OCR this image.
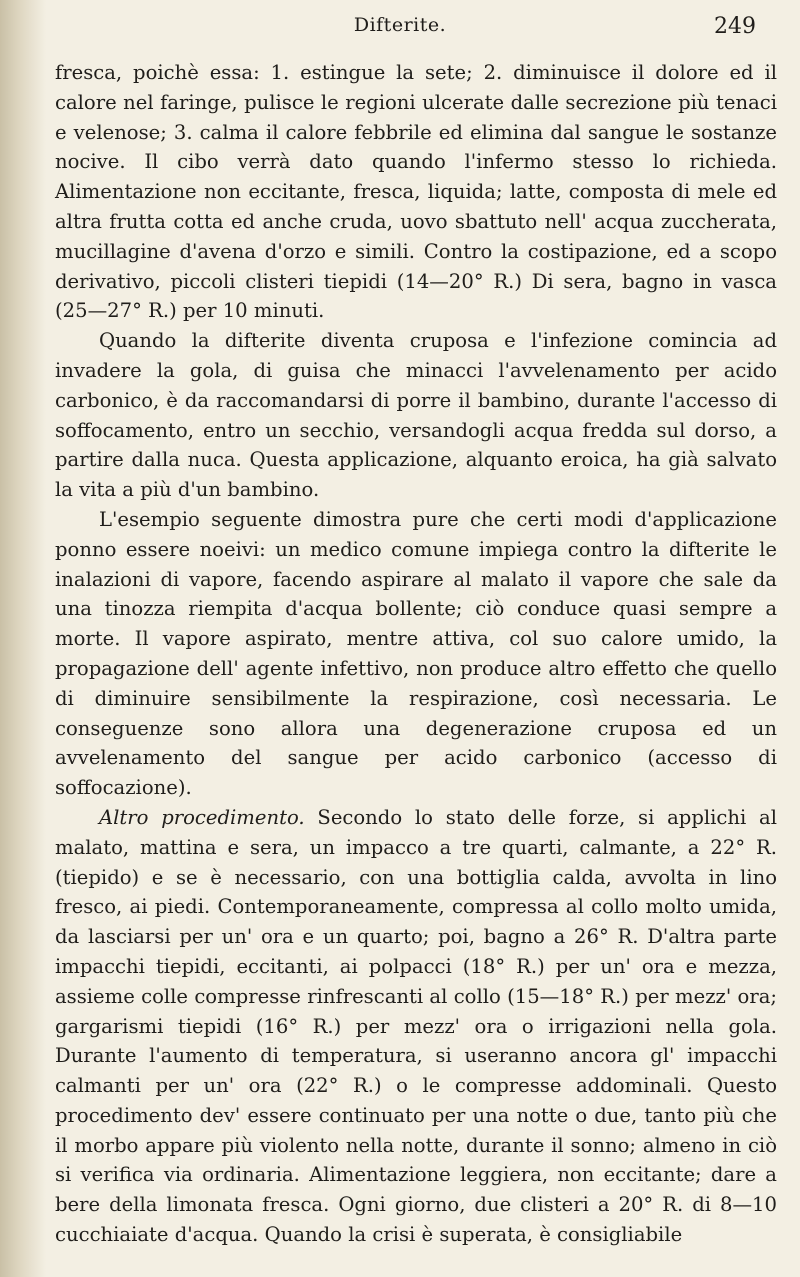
Difterite.	249

fresca, poichè essa: 1. estingue la sete; 2. diminuisce il dolore ed il calore nel faringe, pulisce le regioni ulcerate dalle secrezione più tenaci e velenose; 3. calma il calore febbrile ed elimina dal sangue le sostanze nocive. Il cibo verrà dato quando l'infermo stesso lo richieda. Alimentazione non eccitante, fresca, liquida; latte, composta di mele ed altra frutta cotta ed anche cruda, uovo sbattuto nell' acqua zuccherata, mucillagine d'avena d'orzo e simili. Contro la costipazione, ed a scopo derivativo, piccoli clisteri tiepidi (14—20° R.) Di sera, bagno in vasca (25—27° R.) per 10 minuti.

Quando la difterite diventa cruposa e l'infezione comincia ad invadere la gola, di guisa che minacci l'avvelenamento per acido carbonico, è da raccomandarsi di porre il bambino, durante l'accesso di soffocamento, entro un secchio, versandogli acqua fredda sul dorso, a partire dalla nuca. Questa applicazione, alquanto eroica, ha già salvato la vita a più d'un bambino.

L'esempio seguente dimostra pure che certi modi d'applicazione ponno essere noeivi: un medico comune impiega contro la difterite le inalazioni di vapore, facendo aspirare al malato il vapore che sale da una tinozza riempita d'acqua bollente; ciò conduce quasi sempre a morte. Il vapore aspirato, mentre attiva, col suo calore umido, la propagazione dell' agente infettivo, non produce altro effetto che quello di diminuire sensibilmente la respirazione, così necessaria. Le conseguenze sono allora una degenerazione cruposa ed un avvelenamento del sangue per acido carbonico (accesso di soffocazione).

Altro procedimento. Secondo lo stato delle forze, si applichi al malato, mattina e sera, un impacco a tre quarti, calmante, a 22° R. (tiepido) e se è necessario, con una bottiglia calda, avvolta in lino fresco, ai piedi. Contemporaneamente, compressa al collo molto umida, da lasciarsi per un' ora e un quarto; poi, bagno a 26° R. D'altra parte impacchi tiepidi, eccitanti, ai polpacci (18° R.) per un' ora e mezza, assieme colle compresse rinfrescanti al collo (15—18° R.) per mezz' ora; gargarismi tiepidi (16° R.) per mezz' ora o irrigazioni nella gola. Durante l'aumento di temperatura, si useranno ancora gl' impacchi calmanti per un' ora (22° R.) o le compresse addominali. Questo procedimento dev' essere continuato per una notte o due, tanto più che il morbo appare più violento nella notte, durante il sonno; almeno in ciò si verifica via ordinaria. Alimentazione leggiera, non eccitante; dare a bere della limonata fresca. Ogni giorno, due clisteri a 20° R. di 8—10 cucchiaiate d'acqua. Quando la crisi è superata, è consigliabile
